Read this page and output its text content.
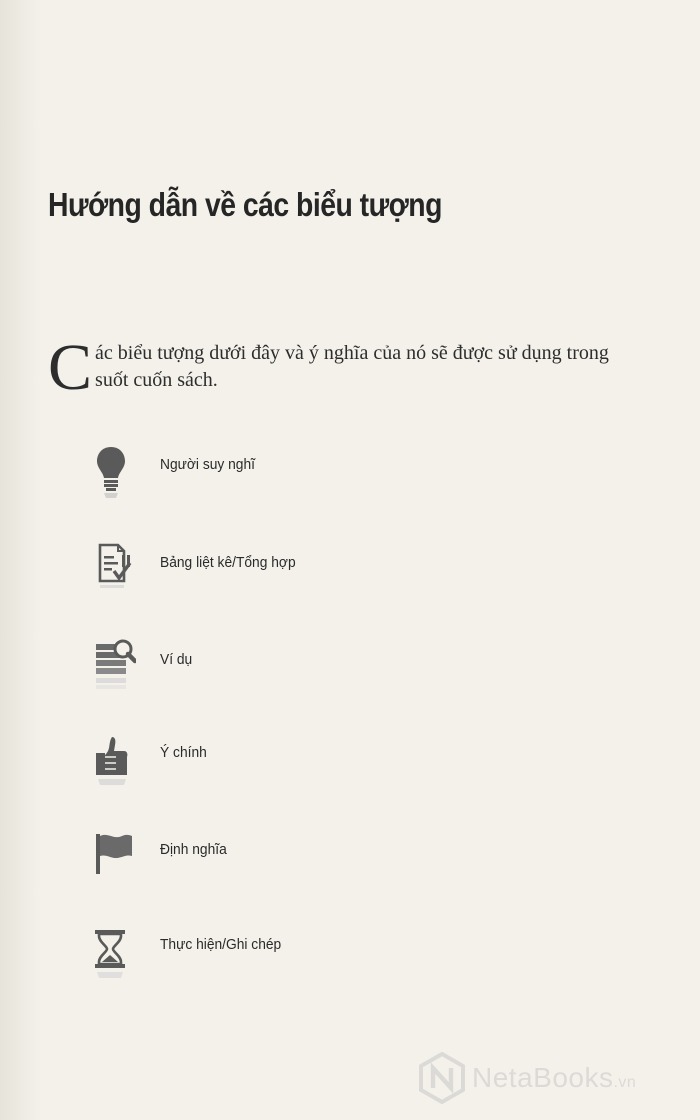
Hướng dẫn về các biểu tượng
C ác biểu tượng dưới đây và ý nghĩa của nó sẽ được sử dụng trong
suốt cuốn sách.
Người suy nghĩ
Bảng liệt kê/Tổng hợp
Ví dụ
Ý chính
Định nghĩa
Thực hiện/Ghi chép
NetaBooks.vn
